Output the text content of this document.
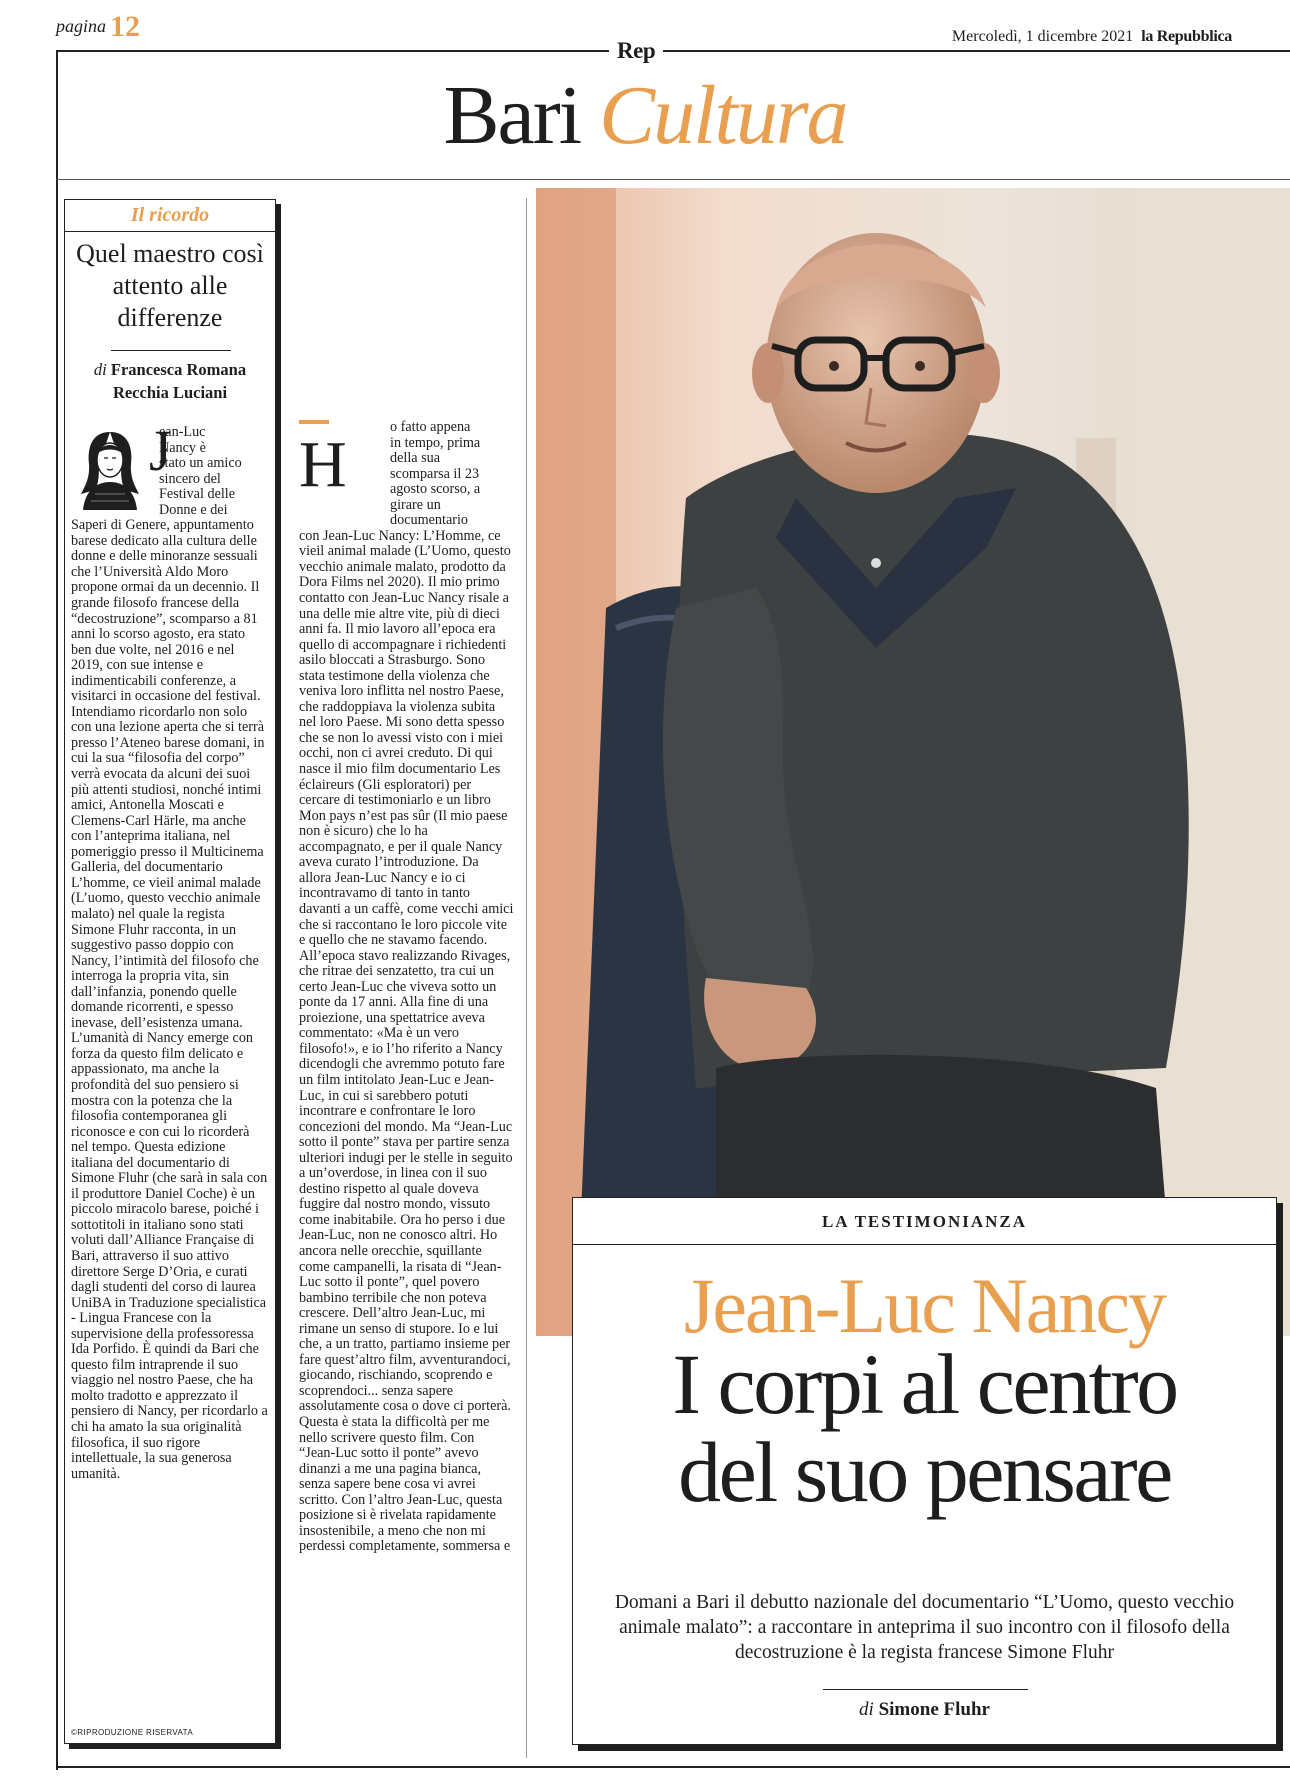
pagina 12	Mercoledì, 1 dicembre 2021 la Repubblica
Rep
Bari Cultura
Il ricordo
Quel maestro così attento alle differenze
di Francesca Romana Recchia Luciani
J
ean-Luc
Nancy è
stato un amico
sincero del
Festival delle
Donne e dei
Saperi di Genere, appuntamento barese dedicato alla cultura delle donne e delle minoranze sessuali che l’Università Aldo Moro propone ormai da un decennio. Il grande filosofo francese della “decostruzione”, scomparso a 81 anni lo scorso agosto, era stato ben due volte, nel 2016 e nel 2019, con sue intense e indimenticabili conferenze, a visitarci in occasione del festival. Intendiamo ricordarlo non solo con una lezione aperta che si terrà presso l’Ateneo barese domani, in cui la sua “filosofia del corpo” verrà evocata da alcuni dei suoi più attenti studiosi, nonché intimi amici, Antonella Moscati e Clemens-Carl Härle, ma anche con l’anteprima italiana, nel pomeriggio presso il Multicinema Galleria, del documentario L’homme, ce vieil animal malade (L’uomo, questo vecchio animale malato) nel quale la regista Simone Fluhr racconta, in un suggestivo passo doppio con Nancy, l’intimità del filosofo che interroga la propria vita, sin dall’infanzia, ponendo quelle domande ricorrenti, e spesso inevase, dell’esistenza umana. L’umanità di Nancy emerge con forza da questo film delicato e appassionato, ma anche la profondità del suo pensiero si mostra con la potenza che la filosofia contemporanea gli riconosce e con cui lo ricorderà nel tempo. Questa edizione italiana del documentario di Simone Fluhr (che sarà in sala con il produttore Daniel Coche) è un piccolo miracolo barese, poiché i sottotitoli in italiano sono stati voluti dall’Alliance Française di Bari, attraverso il suo attivo direttore Serge D’Oria, e curati dagli studenti del corso di laurea UniBA in Traduzione specialistica - Lingua Francese con la supervisione della professoressa Ida Porfido. È quindi da Bari che questo film intraprende il suo viaggio nel nostro Paese, che ha molto tradotto e apprezzato il pensiero di Nancy, per ricordarlo a chi ha amato la sua originalità filosofica, il suo rigore intellettuale, la sua generosa umanità.
©RIPRODUZIONE RISERVATA
H
o fatto appena
in tempo, prima
della sua
scomparsa il 23
agosto scorso, a
girare un
documentario
con Jean-Luc Nancy: L’Homme, ce vieil animal malade (L’Uomo, questo vecchio animale malato, prodotto da Dora Films nel 2020). Il mio primo contatto con Jean-Luc Nancy risale a una delle mie altre vite, più di dieci anni fa. Il mio lavoro all’epoca era quello di accompagnare i richiedenti asilo bloccati a Strasburgo. Sono stata testimone della violenza che veniva loro inflitta nel nostro Paese, che raddoppiava la violenza subita nel loro Paese. Mi sono detta spesso che se non lo avessi visto con i miei occhi, non ci avrei creduto. Di qui nasce il mio film documentario Les éclaireurs (Gli esploratori) per cercare di testimoniarlo e un libro Mon pays n’est pas sûr (Il mio paese non è sicuro) che lo ha accompagnato, e per il quale Nancy aveva curato l’introduzione. Da allora Jean-Luc Nancy e io ci incontravamo di tanto in tanto davanti a un caffè, come vecchi amici che si raccontano le loro piccole vite e quello che ne stavamo facendo. All’epoca stavo realizzando Rivages, che ritrae dei senzatetto, tra cui un certo Jean-Luc che viveva sotto un ponte da 17 anni. Alla fine di una proiezione, una spettatrice aveva commentato: «Ma è un vero filosofo!», e io l’ho riferito a Nancy dicendogli che avremmo potuto fare un film intitolato Jean-Luc e Jean-Luc, in cui si sarebbero potuti incontrare e confrontare le loro concezioni del mondo. Ma “Jean-Luc sotto il ponte” stava per partire senza ulteriori indugi per le stelle in seguito a un’overdose, in linea con il suo destino rispetto al quale doveva fuggire dal nostro mondo, vissuto come inabitabile. Ora ho perso i due Jean-Luc, non ne conosco altri. Ho ancora nelle orecchie, squillante come campanelli, la risata di “Jean-Luc sotto il ponte”, quel povero bambino terribile che non poteva crescere. Dell’altro Jean-Luc, mi rimane un senso di stupore. Io e lui che, a un tratto, partiamo insieme per fare quest’altro film, avventurandoci, giocando, rischiando, scoprendo e scoprendoci... senza sapere assolutamente cosa o dove ci porterà. Questa è stata la difficoltà per me nello scrivere questo film. Con “Jean-Luc sotto il ponte” avevo dinanzi a me una pagina bianca, senza sapere bene cosa vi avrei scritto. Con l’altro Jean-Luc, questa posizione si è rivelata rapidamente insostenibile, a meno che non mi perdessi completamente, sommersa e
LA TESTIMONIANZA
Jean-Luc Nancy
I corpi al centro
del suo pensare
Domani a Bari il debutto nazionale del documentario “L’Uomo, questo vecchio animale malato”: a raccontare in anteprima il suo incontro con il filosofo della decostruzione è la regista francese Simone Fluhr
di Simone Fluhr
